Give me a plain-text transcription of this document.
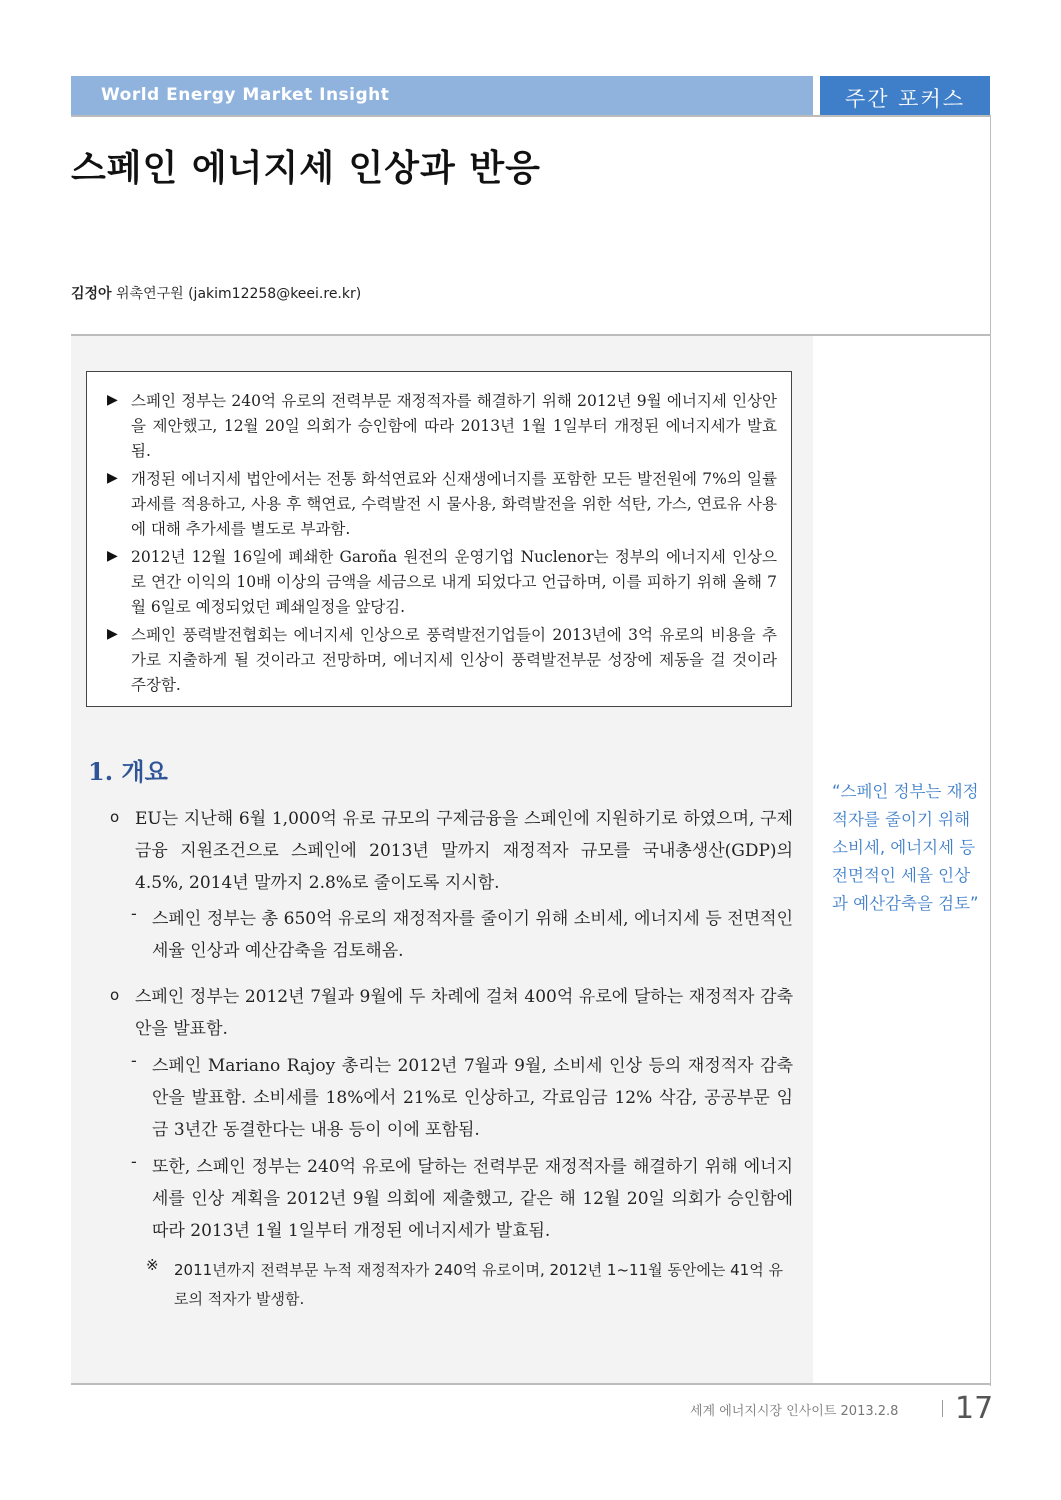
World Energy Market Insight	주간 포커스
스페인 에너지세 인상과 반응
김정아 위촉연구원 (jakim12258@keei.re.kr)
▶ 스페인 정부는 240억 유로의 전력부문 재정적자를 해결하기 위해 2012년 9월 에너지세 인상안을 제안했고, 12월 20일 의회가 승인함에 따라 2013년 1월 1일부터 개정된 에너지세가 발효됨.
▶ 개정된 에너지세 법안에서는 전통 화석연료와 신재생에너지를 포함한 모든 발전원에 7%의 일률과세를 적용하고, 사용 후 핵연료, 수력발전 시 물사용, 화력발전을 위한 석탄, 가스, 연료유 사용에 대해 추가세를 별도로 부과함.
▶ 2012년 12월 16일에 폐쇄한 Garoña 원전의 운영기업 Nuclenor는 정부의 에너지세 인상으로 연간 이익의 10배 이상의 금액을 세금으로 내게 되었다고 언급하며, 이를 피하기 위해 올해 7월 6일로 예정되었던 폐쇄일정을 앞당김.
▶ 스페인 풍력발전협회는 에너지세 인상으로 풍력발전기업들이 2013년에 3억 유로의 비용을 추가로 지출하게 될 것이라고 전망하며, 에너지세 인상이 풍력발전부문 성장에 제동을 걸 것이라 주장함.
1. 개요
o EU는 지난해 6월 1,000억 유로 규모의 구제금융을 스페인에 지원하기로 하였으며, 구제금융 지원조건으로 스페인에 2013년 말까지 재정적자 규모를 국내총생산(GDP)의 4.5%, 2014년 말까지 2.8%로 줄이도록 지시함.
- 스페인 정부는 총 650억 유로의 재정적자를 줄이기 위해 소비세, 에너지세 등 전면적인 세율 인상과 예산감축을 검토해옴.
o 스페인 정부는 2012년 7월과 9월에 두 차례에 걸쳐 400억 유로에 달하는 재정적자 감축안을 발표함.
- 스페인 Mariano Rajoy 총리는 2012년 7월과 9월, 소비세 인상 등의 재정적자 감축안을 발표함. 소비세를 18%에서 21%로 인상하고, 각료임금 12% 삭감, 공공부문 임금 3년간 동결한다는 내용 등이 이에 포함됨.
- 또한, 스페인 정부는 240억 유로에 달하는 전력부문 재정적자를 해결하기 위해 에너지세를 인상 계획을 2012년 9월 의회에 제출했고, 같은 해 12월 20일 의회가 승인함에 따라 2013년 1월 1일부터 개정된 에너지세가 발효됨.
※ 2011년까지 전력부문 누적 재정적자가 240억 유로이며, 2012년 1~11월 동안에는 41억 유로의 적자가 발생함.
“스페인 정부는 재정적자를 줄이기 위해 소비세, 에너지세 등 전면적인 세율 인상과 예산감축을 검토”
세계 에너지시장 인사이트 2013.2.8 17
